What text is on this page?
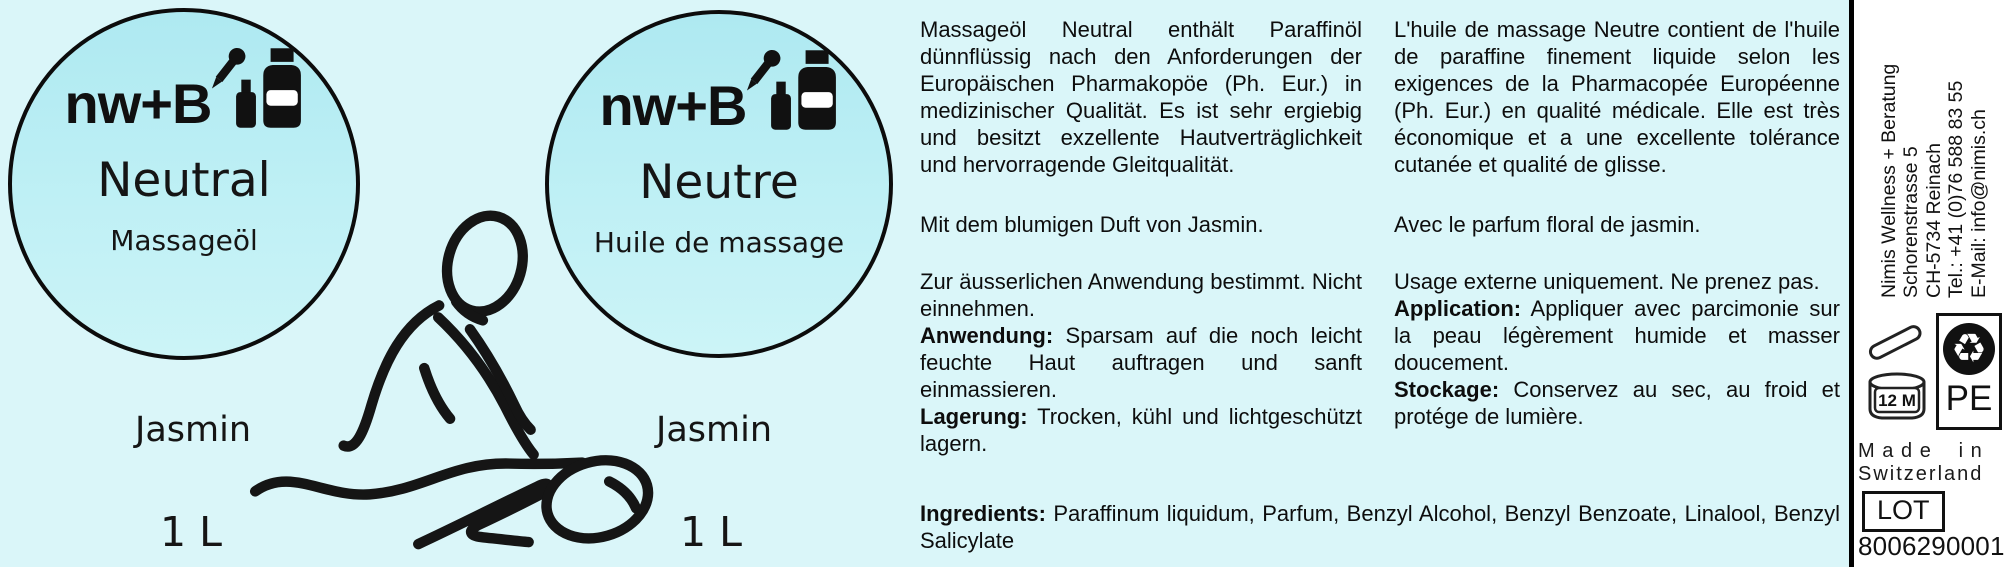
nw+B
Neutral
Massageöl
nw+B
Neutre
Huile de massage
Jasmin	Jasmin
1 L	1 L

Massageöl Neutral enthält Paraffinöl dünnflüssig nach den Anforderungen der Europäischen Pharmakopöe (Ph. Eur.) in medizinischer Qualität. Es ist sehr ergiebig und besitzt exzellente Hautverträglichkeit und hervorragende Gleitqualität.

Mit dem blumigen Duft von Jasmin.

Zur äusserlichen Anwendung bestimmt. Nicht einnehmen.

Anwendung: Sparsam auf die noch leicht feuchte Haut auftragen und sanft einmassieren.

Lagerung: Trocken, kühl und lichtgeschützt lagern.

L'huile de massage Neutre contient de l'huile de paraffine finement liquide selon les exigences de la Pharmacopée Européenne (Ph. Eur.) en qualité médicale. Elle est très économique et a une excellente tolérance cutanée et qualité de glisse.

Avec le parfum floral de jasmin.

Usage externe uniquement. Ne prenez pas.

Application: Appliquer avec parcimonie sur la peau légèrement humide et masser doucement.

Stockage: Conservez au sec, au froid et protége de lumière.

Ingredients: Paraffinum liquidum, Parfum, Benzyl Alcohol, Benzyl Benzoate, Linalool, Benzyl Salicylate
Nimis Wellness + Beratung Schorenstrasse 5 CH-5734 Reinach Tel.: +41 (0)76 588 83 55 E-Mail: info@nimis.ch
12 M
♻
PE
Made in
Switzerland
LOT
8006290001
